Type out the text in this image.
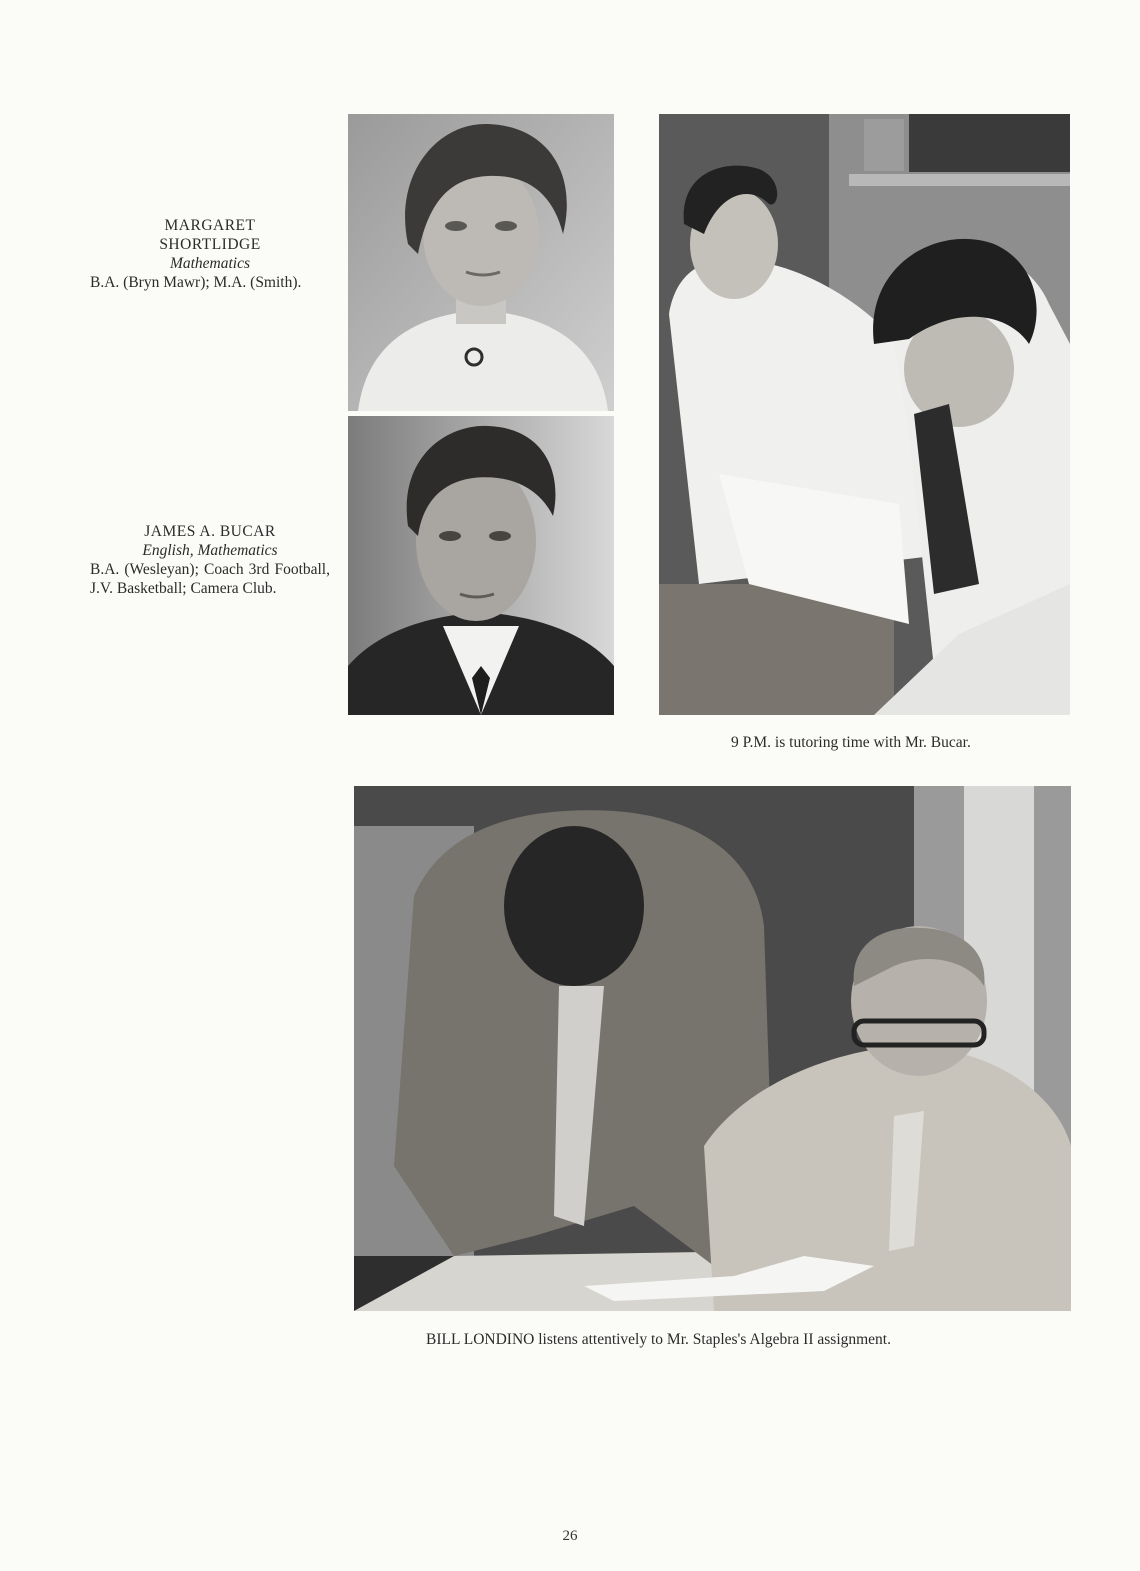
MARGARET
SHORTLIDGE
Mathematics
B.A. (Bryn Mawr); M.A. (Smith).
JAMES A. BUCAR
English, Mathematics
B.A. (Wesleyan); Coach 3rd Football, J.V. Basketball; Camera Club.
9 P.M. is tutoring time with Mr. Bucar.
BILL LONDINO listens attentively to Mr. Staples's Algebra II assignment.
26
